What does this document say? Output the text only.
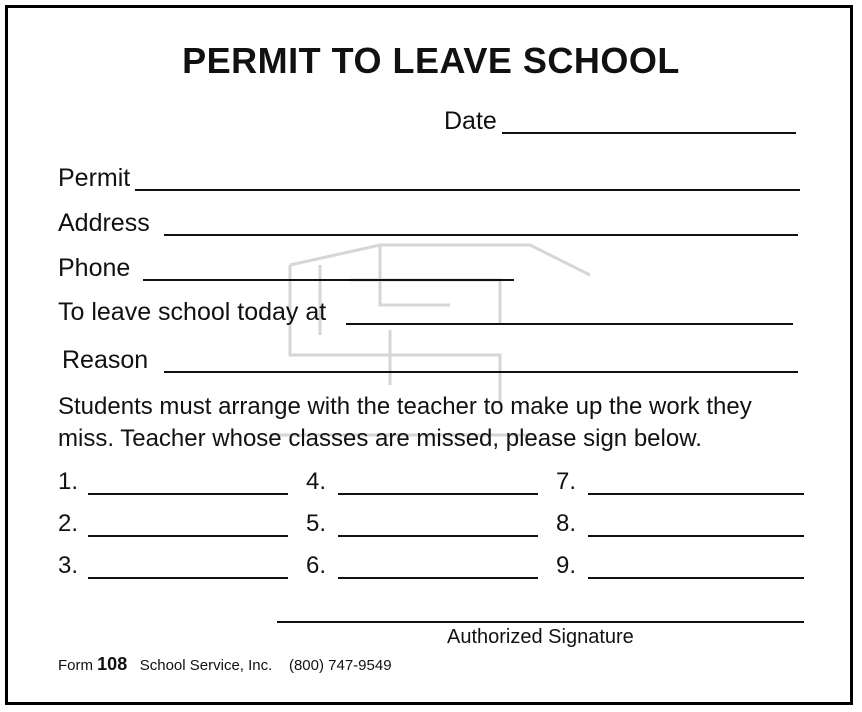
PERMIT TO LEAVE SCHOOL
Date
Permit
Address
Phone
To leave school today at
Reason
Students must arrange with the teacher to make up the work they
miss. Teacher whose classes are missed, please sign below.
1.
2.
3.
4.
5.
6.
7.
8.
9.
Authorized Signature
Form 108 School Service, Inc. (800) 747-9549
